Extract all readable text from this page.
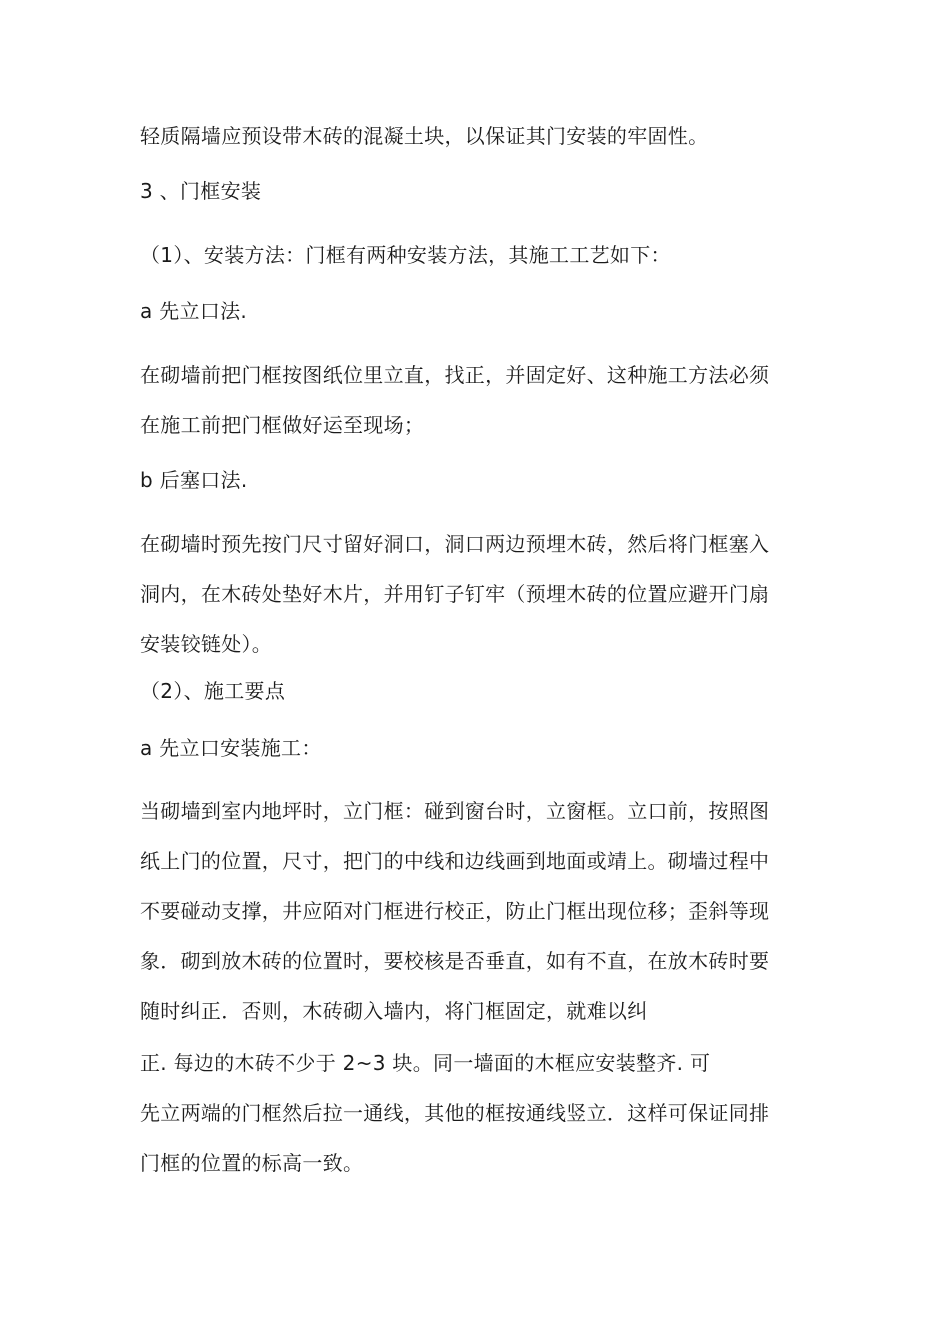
轻质隔墙应预设带木砖的混凝土块，以保证其门安装的牢固性。
3 、门框安装
（1）、安装方法：门框有两种安装方法，其施工工艺如下：
a 先立口法.
在砌墙前把门框按图纸位里立直，找正，并固定好、这种施工方法必须
在施工前把门框做好运至现场；
b 后塞口法.
在砌墙时预先按门尺寸留好洞口，洞口两边预埋木砖，然后将门框塞入
洞内，在木砖处垫好木片，并用钉子钉牢（预埋木砖的位置应避开门扇
安装铰链处）。
（2）、施工要点
a 先立口安装施工：
当砌墙到室内地坪时，立门框：碰到窗台时，立窗框。立口前，按照图
纸上门的位置，尺寸，把门的中线和边线画到地面或靖上。砌墙过程中
不要碰动支撑，井应陌对门框进行校正，防止门框出现位移；歪斜等现
象．砌到放木砖的位置时，要校核是否垂直，如有不直，在放木砖时要
随时纠正．否则，木砖砌入墙内，将门框固定，就难以纠
正. 每边的木砖不少于 2~3 块。同一墙面的木框应安装整齐. 可
先立两端的门框然后拉一通线，其他的框按通线竖立．这样可保证同排
门框的位置的标高一致。
